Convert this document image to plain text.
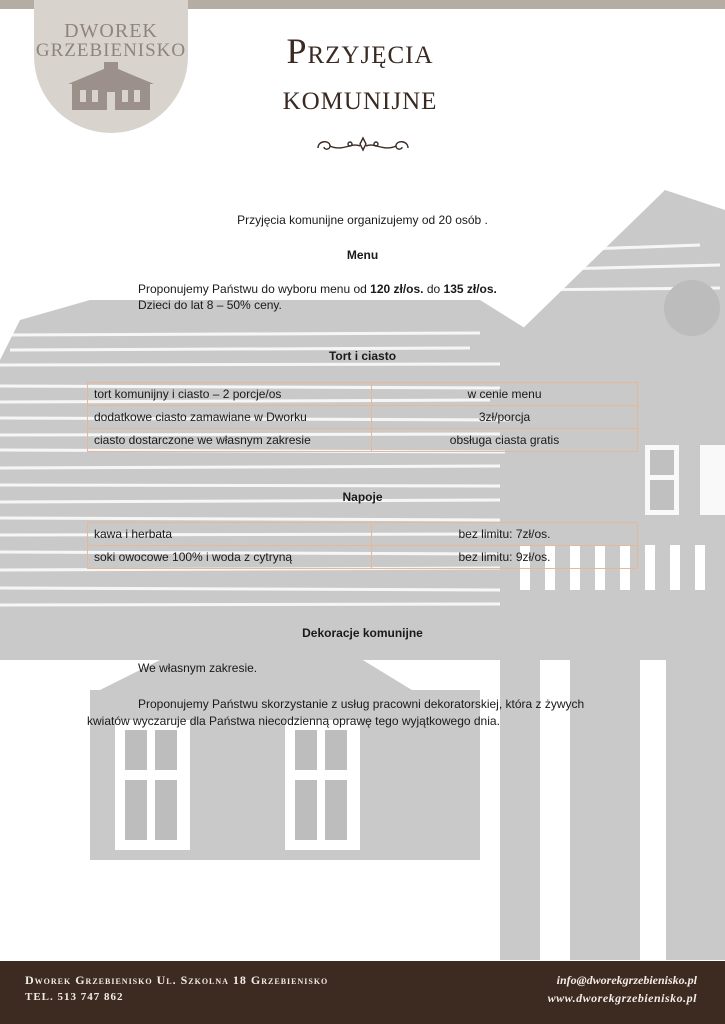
DWOREK
GRZEBIENISKO	Przyjęcia
komunijne
Przyjęcia komunijne organizujemy od 20 osób .
Menu
Proponujemy Państwu do wyboru menu od 120 zł/os. do 135 zł/os.
Dzieci do lat 8 – 50% ceny.
Tort i ciasto
tort komunijny i ciasto – 2 porcje/os	w cenie menu
dodatkowe ciasto zamawiane w Dworku	3zł/porcja
ciasto dostarczone we własnym zakresie	obsługa ciasta gratis
Napoje
kawa i herbata	bez limitu: 7zł/os.
soki owocowe 100% i woda z cytryną	bez limitu: 9zł/os.
Dekoracje komunijne
We własnym zakresie.
Proponujemy Państwu skorzystanie z usług pracowni dekoratorskiej, która z żywych
kwiatów wyczaruje dla Państwa niecodzienną oprawę tego wyjątkowego dnia.
Dworek Grzebienisko Ul. Szkolna 18 Grzebienisko
TEL. 513 747 862
info@dworekgrzebienisko.pl
www.dworekgrzebienisko.pl
